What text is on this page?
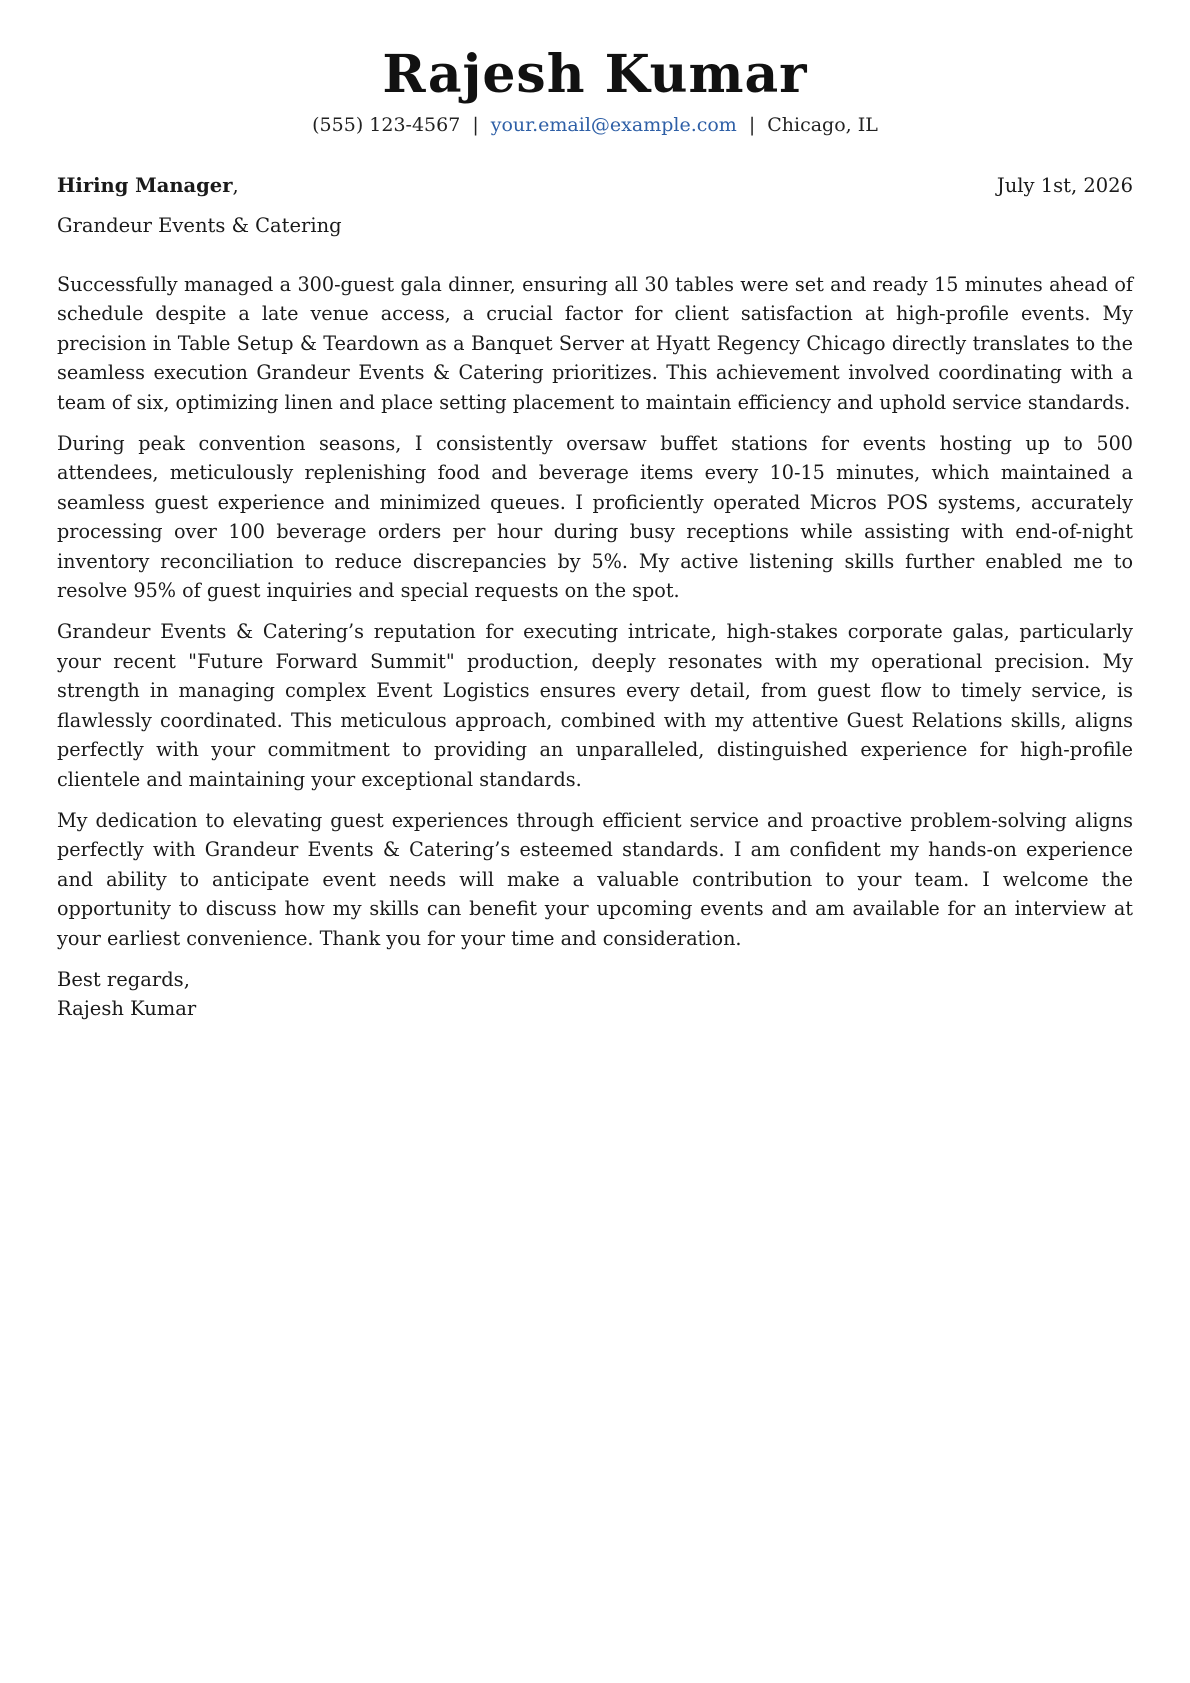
Rajesh Kumar
(555) 123-4567 | your.email@example.com | Chicago, IL
Hiring Manager,	July 1st, 2026
Grandeur Events & Catering

Successfully managed a 300-guest gala dinner, ensuring all 30 tables were set and ready 15 minutes ahead of schedule despite a late venue access, a crucial factor for client satisfaction at high-profile events. My precision in Table Setup & Teardown as a Banquet Server at Hyatt Regency Chicago directly translates to the seamless execution Grandeur Events & Catering prioritizes. This achievement involved coordinating with a team of six, optimizing linen and place setting placement to maintain efficiency and uphold service standards.

During peak convention seasons, I consistently oversaw buffet stations for events hosting up to 500 attendees, meticulously replenishing food and beverage items every 10-15 minutes, which maintained a seamless guest experience and minimized queues. I proficiently operated Micros POS systems, accurately processing over 100 beverage orders per hour during busy receptions while assisting with end-of-night inventory reconciliation to reduce discrepancies by 5%. My active listening skills further enabled me to resolve 95% of guest inquiries and special requests on the spot.

Grandeur Events & Catering’s reputation for executing intricate, high-stakes corporate galas, particularly your recent "Future Forward Summit" production, deeply resonates with my operational precision. My strength in managing complex Event Logistics ensures every detail, from guest flow to timely service, is flawlessly coordinated. This meticulous approach, combined with my attentive Guest Relations skills, aligns perfectly with your commitment to providing an unparalleled, distinguished experience for high-profile clientele and maintaining your exceptional standards.

My dedication to elevating guest experiences through efficient service and proactive problem-solving aligns perfectly with Grandeur Events & Catering’s esteemed standards. I am confident my hands-on experience and ability to anticipate event needs will make a valuable contribution to your team. I welcome the opportunity to discuss how my skills can benefit your upcoming events and am available for an interview at your earliest convenience. Thank you for your time and consideration.

Best regards,
Rajesh Kumar
